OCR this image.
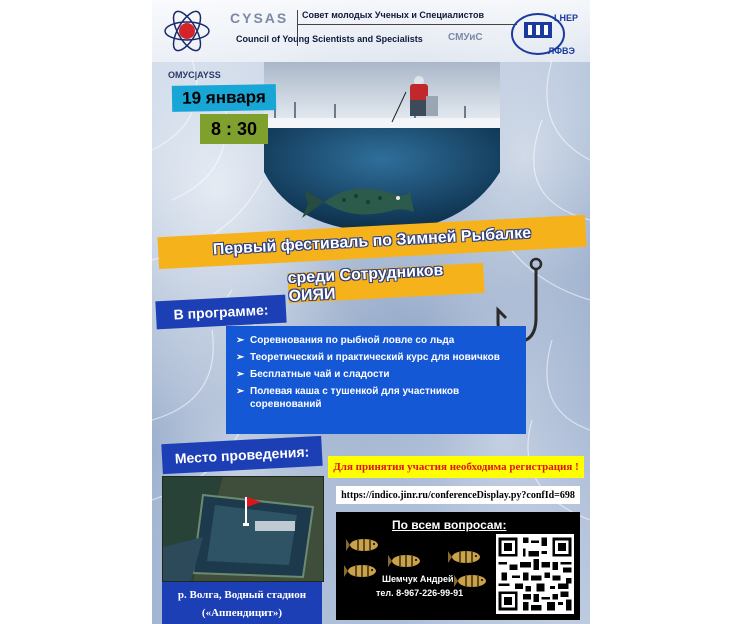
ОМУС|AYSS
CYSAS Совет молодых Ученых и Специалистов
Council of Young Scientists and Specialists	СМУиС
LHEP
ЛФВЭ
19 января
8 : 30
Первый фестиваль по Зимней Рыбалке
среди Сотрудников ОИЯИ
В программе:
➢ Соревнования по рыбной ловле со льда
➢ Теоретический и практический курс для новичков
➢ Бесплатные чай и сладости
➢ Полевая каша с тушенкой для участников соревнований
Место проведения:
р. Волга, Водный стадион
(«Аппендицит»)
Для принятия участия необходима регистрация !
https://indico.jinr.ru/conferenceDisplay.py?confId=698
По всем вопросам:
Шемчук Андрей
тел. 8-967-226-99-91
